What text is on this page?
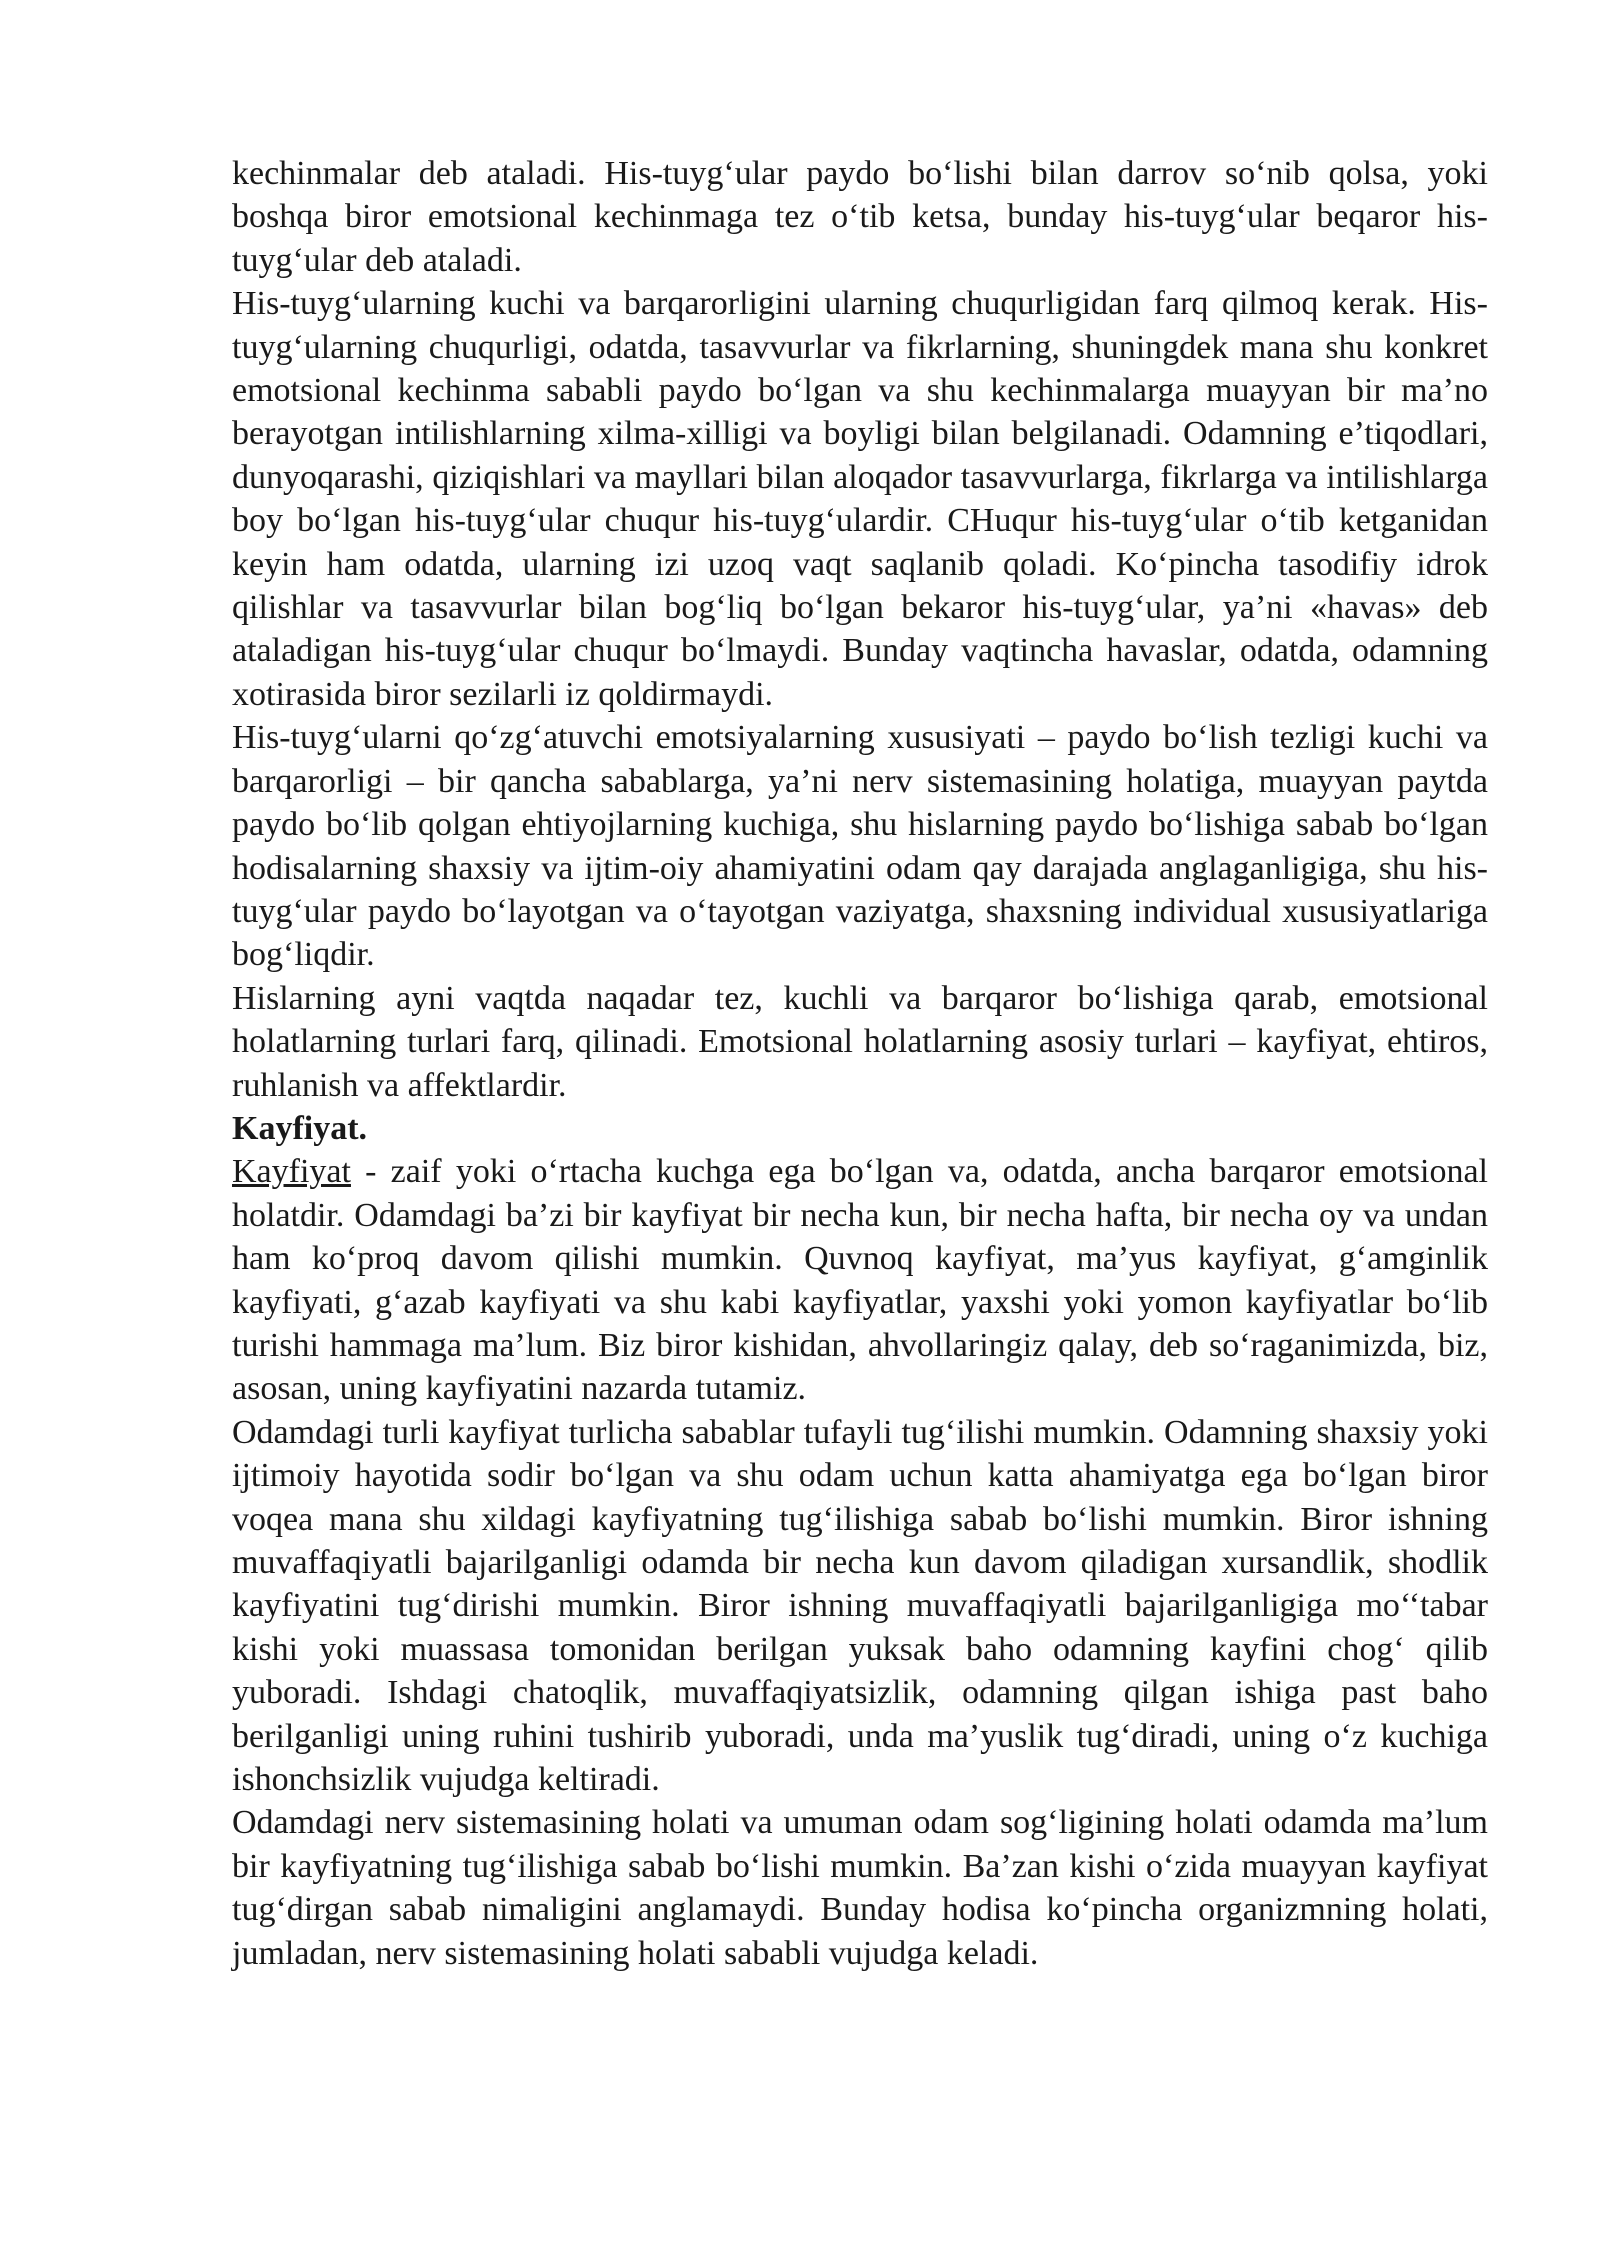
kechinmalar deb ataladi. His-tuyg‘ular paydo bo‘lishi bilan darrov so‘nib qolsa, yoki boshqa biror emotsional kechinmaga tez o‘tib ketsa, bunday his-tuyg‘ular beqaror his-tuyg‘ular deb ataladi.

His-tuyg‘ularning kuchi va barqarorligini ulаrning chuqurligidan farq qilmoq kerak. His-tuyg‘ularning chuqurligi, odatda, tasavvurlar va fikrlarning, shuningdek mana shu konkret emotsional kechinma sababli paydo bo‘lgan va shu kechinmalarga muayyan bir ma’no berayotgan intilishlarning xilma-xilligi va boyligi bilan belgilanadi. Odamning e’tiqodlari, dunyoqarashi, qiziqishlari va mayllari bilan aloqador tasavvurlarga, fikrlarga va intilishlarga boy bo‘lgan his-tuyg‘ular chuqur his-tuyg‘ulardir. CHuqur his-tuyg‘ular o‘tib ketganidan keyin ham odatda, ularning izi uzoq vaqt saqlanib qoladi. Ko‘pincha tasodifiy idrok qilishlar va tasavvurlar bilan bog‘liq bo‘lgan bekaror his-tuyg‘ular, ya’ni «havas» deb ataladigan his-tuyg‘ular chuqur bo‘lmaydi. Bunday vaqtincha havaslar, odatda, odamning xotirasida biror sezilarli iz qoldirmaydi.

His-tuyg‘ularni qo‘zg‘atuvchi emotsiyalarning xususiyati – paydo bo‘lish tezligi kuchi va barqarorligi – bir qancha sabablarga, ya’ni nerv sistemasining holatiga, muayyan paytda paydo bo‘lib qolgan ehtiyojlarning kuchiga, shu hislarning paydo bo‘lishiga sabab bo‘lgan hodisalarning shaxsiy va ijtim-oiy ahamiyatini odam qay darajada anglaganligiga, shu his-tuyg‘ular paydo bo‘layotgan va o‘tayotgan vaziyatga, shaxsning individual xususiyatlariga bog‘liqdir.

Hislarning ayni vaqtda naqadar tez, kuchli va barqaror bo‘lishiga qarab, emotsional holatlarning turlari farq, qilinadi. Emotsional holatlarning asosiy turlari – kayfiyat, ehtiros, ruhlanish va affektlardir.

Kayfiyat.

Kayfiyat - zaif yoki o‘rtacha kuchga ega bo‘lgan va, odatda, ancha barqaror emotsional holatdir. Odamdagi ba’zi bir kayfiyat bir necha kun, bir necha hafta, bir necha oy va undan ham ko‘proq davom qilishi mumkin. Quvnoq kayfiyat, ma’yus kayfiyat, g‘amginlik kayfiyati, g‘azab kayfiyati va shu kabi kayfiyatlar, yaxshi yoki yomon kayfiyatlar bo‘lib turishi hammaga ma’lum. Biz biror kishidan, ahvollaringiz qalay, deb so‘raganimizda, biz, asosan, uning kayfiyatini nazarda tutamiz.

Odamdagi turli kayfiyat turlicha sabablar tufayli tug‘ilishi mumkin. Odamning shaxsiy yoki ijtimoiy hayotida sodir bo‘lgan va shu odam uchun katta ahamiyatga ega bo‘lgan biror voqea mana shu xildagi kayfiyatning tug‘ilishiga sabab bo‘lishi mumkin. Biror ishning muvaffaqiyatli bajarilganligi odamda bir necha kun davom qiladigan xursandlik, shodlik kayfiyatini tug‘dirishi mumkin. Biror ishning muvaffaqiyatli bajarilganligiga mo‘‘tabar kishi yoki muassasa tomonidan berilgan yuksak baho odamning kayfini chog‘ qilib yuboradi. Ishdagi chatoqlik, muvaffaqiyatsizlik, odamning qilgan ishiga past baho berilganligi uning ruhini tushirib yuboradi, unda ma’yuslik tug‘diradi, uning o‘z kuchiga ishonchsizlik vujudga keltiradi.

Odamdagi nerv sistemasining holati va umuman odam sog‘ligining holati odamda ma’lum bir kayfiyatning tug‘ilishiga sabab bo‘lishi mumkin. Ba’zan kishi o‘zida muayyan kayfiyat tug‘dirgan sabab nimaligini anglamaydi. Bunday hodisa ko‘pincha organizmning holati, jumladan, nerv sistemasining holati sababli vujudga keladi.
